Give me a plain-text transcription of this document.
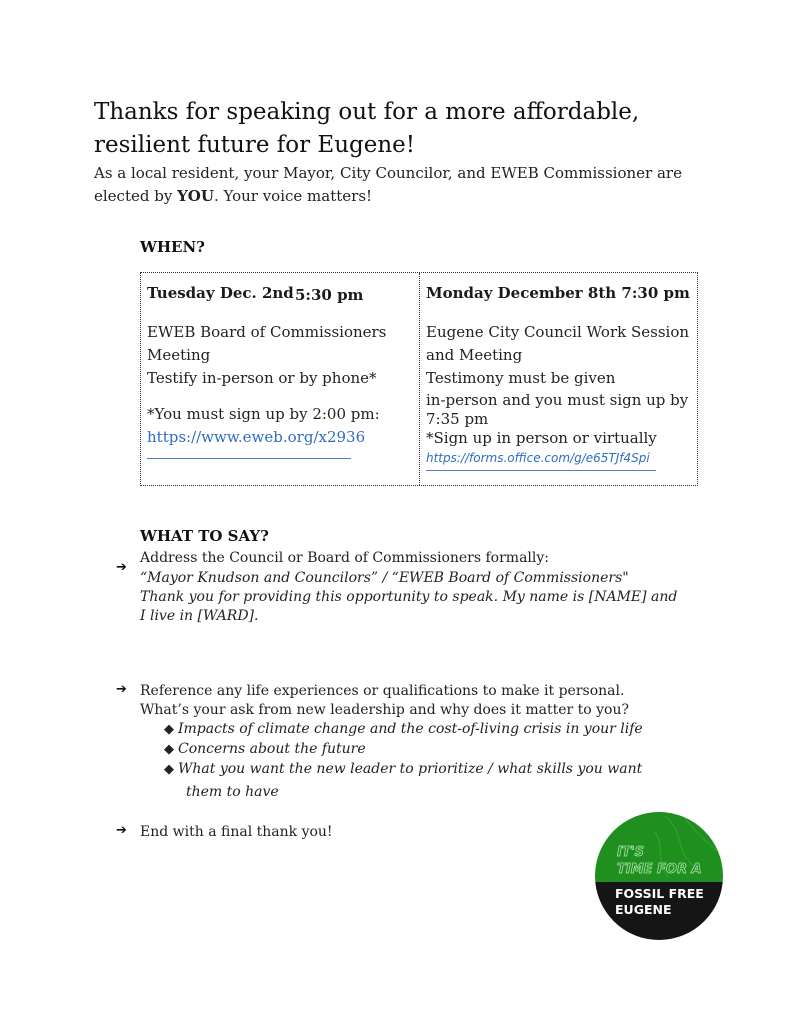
Thanks for speaking out for a more affordable,
resilient future for Eugene!
As a local resident, your Mayor, City Councilor, and EWEB Commissioner are
elected by YOU. Your voice matters!
WHEN?
Tuesday Dec. 2nd 5:30 pm
EWEB Board of Commissioners
Meeting
Testify in-person or by phone*
*You must sign up by 2:00 pm:
https://www.eweb.org/x2936
Monday December 8th 7:30 pm
Eugene City Council Work Session
and Meeting
Testimony must be given
in-person and you must sign up by
7:35 pm
*Sign up in person or virtually
https://forms.office.com/g/e65TJf4Spi
WHAT TO SAY?
➔
Address the Council or Board of Commissioners formally:
“Mayor Knudson and Councilors” / “EWEB Board of Commissioners"
Thank you for providing this opportunity to speak. My name is [NAME] and
I live in [WARD].
➔ Reference any life experiences or qualifications to make it personal.
What’s your ask from new leadership and why does it matter to you?
◆ Impacts of climate change and the cost-of-living crisis in your life
◆ Concerns about the future
◆ What you want the new leader to prioritize / what skills you want
them to have
➔ End with a final thank you!
IT'S
TIME FOR A
FOSSIL FREE
EUGENE
